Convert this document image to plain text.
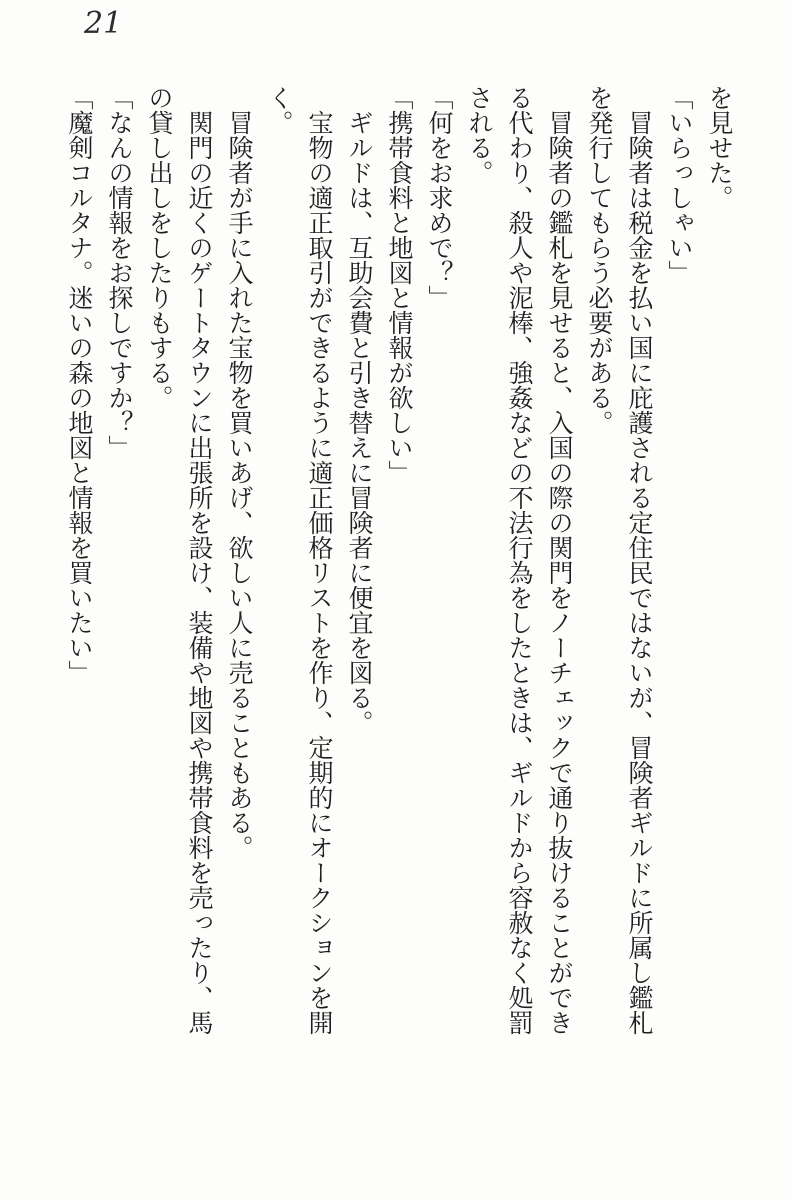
21

を見せた。

「いらっしゃい」

　冒険者は税金を払い国に庇護される定住民ではないが、冒険者ギルドに所属し鑑札を発行してもらう必要がある。

　冒険者の鑑札を見せると、入国の際の関門をノーチェックで通り抜けることができる代わり、殺人や泥棒、強姦などの不法行為をしたときは、ギルドから容赦なく処罰される。

「何をお求めで？」

「携帯食料と地図と情報が欲しい」

　ギルドは、互助会費と引き替えに冒険者に便宜を図る。

　宝物の適正取引ができるように適正価格リストを作り、定期的にオークションを開く。

　冒険者が手に入れた宝物を買いあげ、欲しい人に売ることもある。

　関門の近くのゲートタウンに出張所を設け、装備や地図や携帯食料を売ったり、馬の貸し出しをしたりもする。

「なんの情報をお探しですか？」

「魔剣コルタナ。迷いの森の地図と情報を買いたい」
